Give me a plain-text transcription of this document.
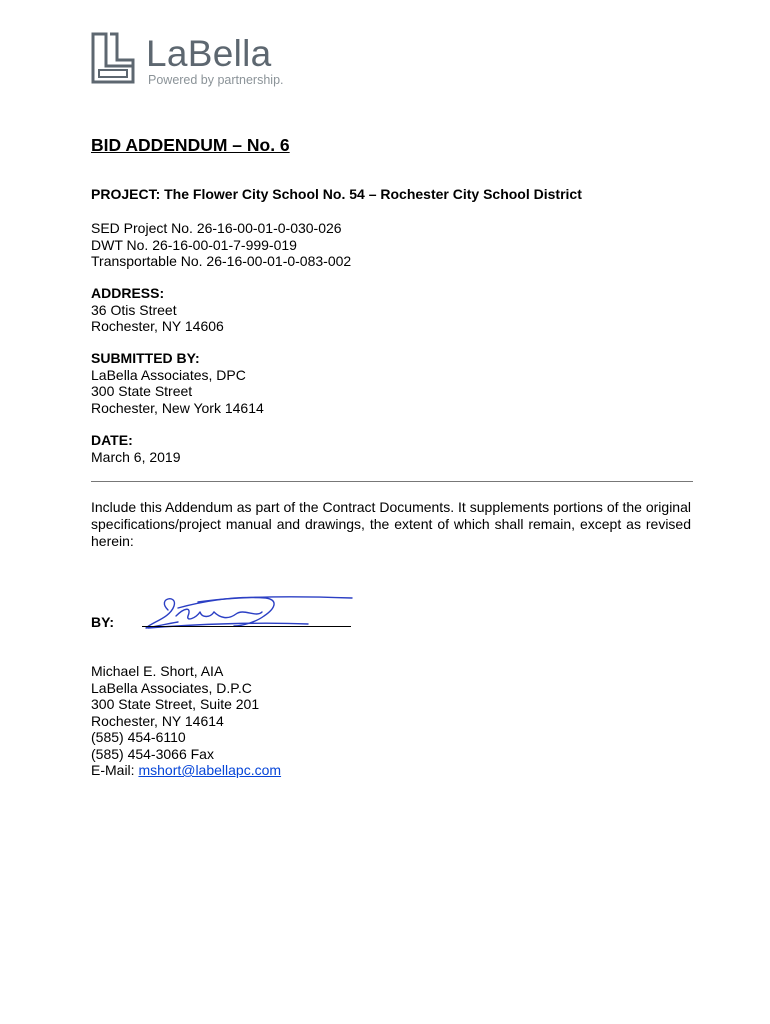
LaBella
Powered by partnership.
BID ADDENDUM – No. 6
PROJECT: The Flower City School No. 54 – Rochester City School District
SED Project No. 26-16-00-01-0-030-026
DWT No. 26-16-00-01-7-999-019
Transportable No. 26-16-00-01-0-083-002
ADDRESS:
36 Otis Street
Rochester, NY 14606
SUBMITTED BY:
LaBella Associates, DPC
300 State Street
Rochester, New York 14614
DATE:
March 6, 2019
Include this Addendum as part of the Contract Documents. It supplements portions of the original specifications/project manual and drawings, the extent of which shall remain, except as revised herein:
BY:
Michael E. Short, AIA
LaBella Associates, D.P.C
300 State Street, Suite 201
Rochester, NY 14614
(585) 454-6110
(585) 454-3066 Fax
E-Mail: mshort@labellapc.com
